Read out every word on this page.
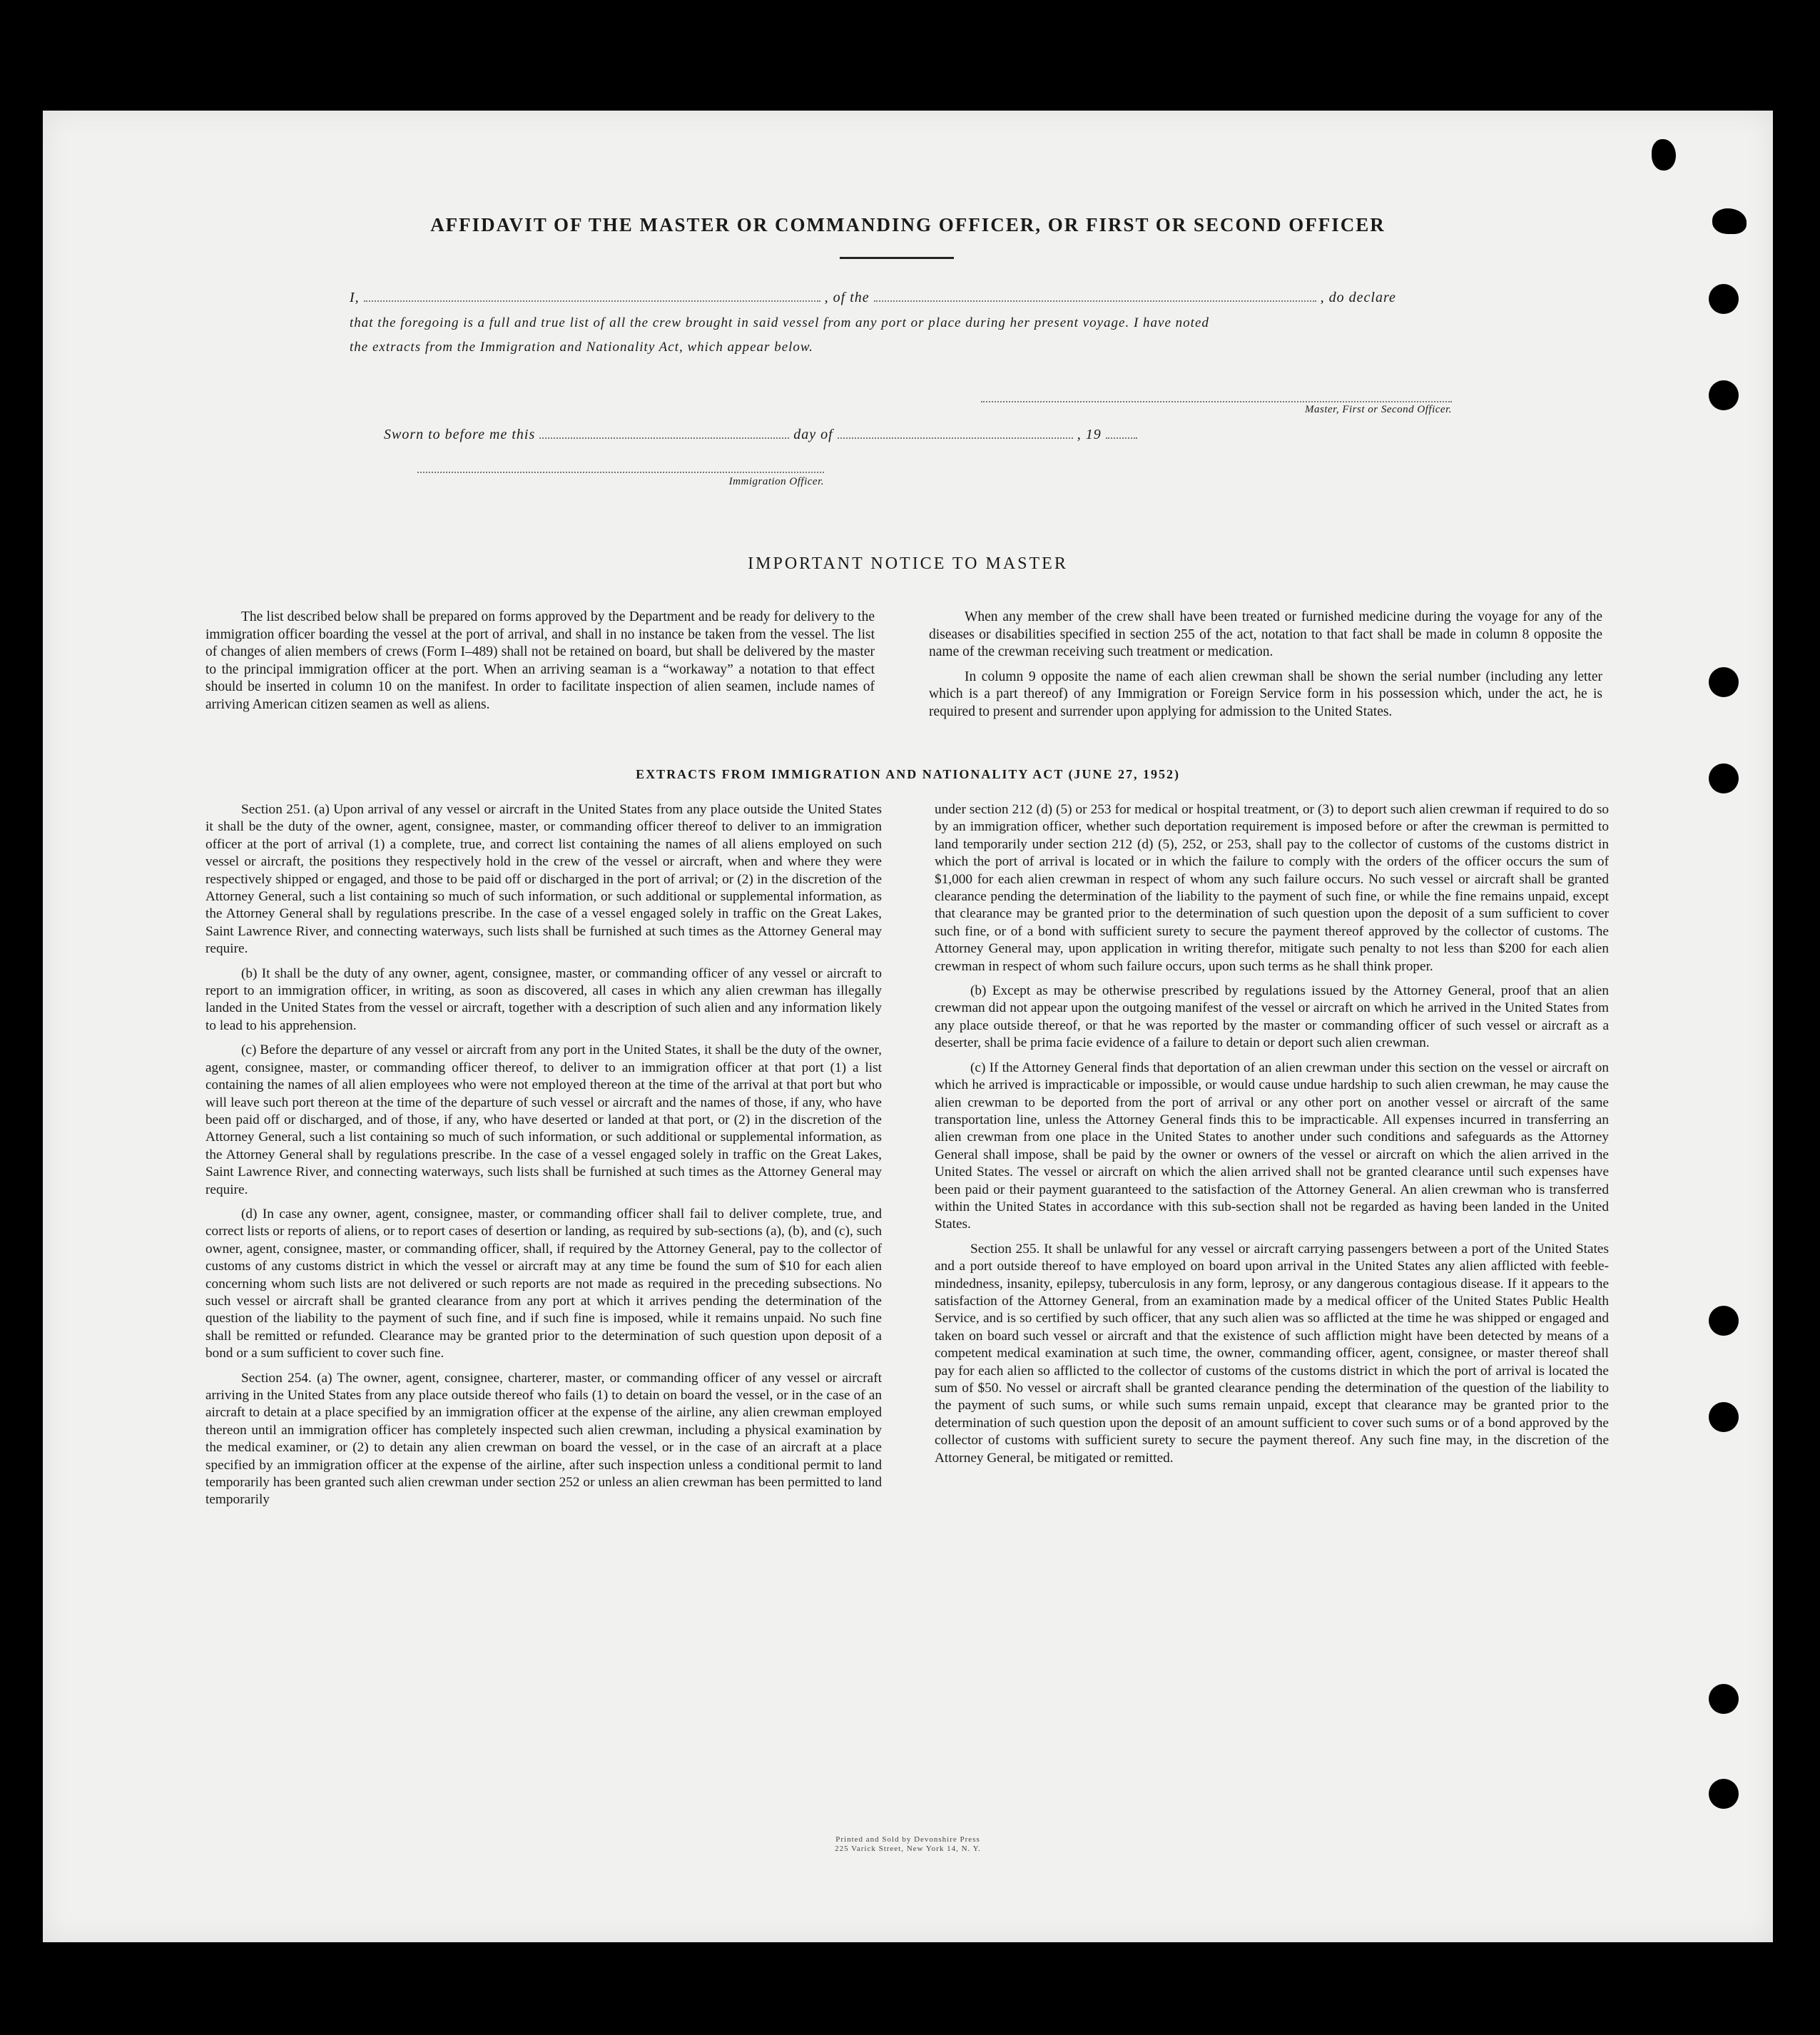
AFFIDAVIT OF THE MASTER OR COMMANDING OFFICER, OR FIRST OR SECOND OFFICER
I,	, of the	, do declare
that the foregoing is a full and true list of all the crew brought in said vessel from any port or place during her present voyage. I have noted
the extracts from the Immigration and Nationality Act, which appear below.
Master, First or Second Officer.
Sworn to before me this	day of	, 19
Immigration Officer.
IMPORTANT NOTICE TO MASTER

The list described below shall be prepared on forms approved by the Department and be ready for delivery to the immigration officer boarding the vessel at the port of arrival, and shall in no instance be taken from the vessel. The list of changes of alien members of crews (Form I–489) shall not be retained on board, but shall be delivered by the master to the principal immigration officer at the port. When an arriving seaman is a “workaway” a notation to that effect should be inserted in column 10 on the manifest. In order to facilitate inspection of alien seamen, include names of arriving American citizen seamen as well as aliens.

When any member of the crew shall have been treated or furnished medicine during the voyage for any of the diseases or disabilities specified in section 255 of the act, notation to that fact shall be made in column 8 opposite the name of the crewman receiving such treatment or medication.

In column 9 opposite the name of each alien crewman shall be shown the serial number (including any letter which is a part thereof) of any Immigration or Foreign Service form in his possession which, under the act, he is required to present and surrender upon applying for admission to the United States.

EXTRACTS FROM IMMIGRATION AND NATIONALITY ACT (JUNE 27, 1952)

Section 251. (a) Upon arrival of any vessel or aircraft in the United States from any place outside the United States it shall be the duty of the owner, agent, consignee, master, or commanding officer thereof to deliver to an immigration officer at the port of arrival (1) a complete, true, and correct list containing the names of all aliens employed on such vessel or aircraft, the positions they respectively hold in the crew of the vessel or aircraft, when and where they were respectively shipped or engaged, and those to be paid off or discharged in the port of arrival; or (2) in the discretion of the Attorney General, such a list containing so much of such information, or such additional or supplemental information, as the Attorney General shall by regulations prescribe. In the case of a vessel engaged solely in traffic on the Great Lakes, Saint Lawrence River, and connecting waterways, such lists shall be furnished at such times as the Attorney General may require.

(b) It shall be the duty of any owner, agent, consignee, master, or commanding officer of any vessel or aircraft to report to an immigration officer, in writing, as soon as discovered, all cases in which any alien crewman has illegally landed in the United States from the vessel or aircraft, together with a description of such alien and any information likely to lead to his apprehension.

(c) Before the departure of any vessel or aircraft from any port in the United States, it shall be the duty of the owner, agent, consignee, master, or commanding officer thereof, to deliver to an immigration officer at that port (1) a list containing the names of all alien employees who were not employed thereon at the time of the arrival at that port but who will leave such port thereon at the time of the departure of such vessel or aircraft and the names of those, if any, who have been paid off or discharged, and of those, if any, who have deserted or landed at that port, or (2) in the discretion of the Attorney General, such a list containing so much of such information, or such additional or supplemental information, as the Attorney General shall by regulations prescribe. In the case of a vessel engaged solely in traffic on the Great Lakes, Saint Lawrence River, and connecting waterways, such lists shall be furnished at such times as the Attorney General may require.

(d) In case any owner, agent, consignee, master, or commanding officer shall fail to deliver complete, true, and correct lists or reports of aliens, or to report cases of desertion or landing, as required by sub-sections (a), (b), and (c), such owner, agent, consignee, master, or commanding officer, shall, if required by the Attorney General, pay to the collector of customs of any customs district in which the vessel or aircraft may at any time be found the sum of $10 for each alien concerning whom such lists are not delivered or such reports are not made as required in the preceding subsections. No such vessel or aircraft shall be granted clearance from any port at which it arrives pending the determination of the question of the liability to the payment of such fine, and if such fine is imposed, while it remains unpaid. No such fine shall be remitted or refunded. Clearance may be granted prior to the determination of such question upon deposit of a bond or a sum sufficient to cover such fine.

Section 254. (a) The owner, agent, consignee, charterer, master, or commanding officer of any vessel or aircraft arriving in the United States from any place outside thereof who fails (1) to detain on board the vessel, or in the case of an aircraft to detain at a place specified by an immigration officer at the expense of the airline, any alien crewman employed thereon until an immigration officer has completely inspected such alien crewman, including a physical examination by the medical examiner, or (2) to detain any alien crewman on board the vessel, or in the case of an aircraft at a place specified by an immigration officer at the expense of the airline, after such inspection unless a conditional permit to land temporarily has been granted such alien crewman under section 252 or unless an alien crewman has been permitted to land temporarily

under section 212 (d) (5) or 253 for medical or hospital treatment, or (3) to deport such alien crewman if required to do so by an immigration officer, whether such deportation requirement is imposed before or after the crewman is permitted to land temporarily under section 212 (d) (5), 252, or 253, shall pay to the collector of customs of the customs district in which the port of arrival is located or in which the failure to comply with the orders of the officer occurs the sum of $1,000 for each alien crewman in respect of whom any such failure occurs. No such vessel or aircraft shall be granted clearance pending the determination of the liability to the payment of such fine, or while the fine remains unpaid, except that clearance may be granted prior to the determination of such question upon the deposit of a sum sufficient to cover such fine, or of a bond with sufficient surety to secure the payment thereof approved by the collector of customs. The Attorney General may, upon application in writing therefor, mitigate such penalty to not less than $200 for each alien crewman in respect of whom such failure occurs, upon such terms as he shall think proper.

(b) Except as may be otherwise prescribed by regulations issued by the Attorney General, proof that an alien crewman did not appear upon the outgoing manifest of the vessel or aircraft on which he arrived in the United States from any place outside thereof, or that he was reported by the master or commanding officer of such vessel or aircraft as a deserter, shall be prima facie evidence of a failure to detain or deport such alien crewman.

(c) If the Attorney General finds that deportation of an alien crewman under this section on the vessel or aircraft on which he arrived is impracticable or impossible, or would cause undue hardship to such alien crewman, he may cause the alien crewman to be deported from the port of arrival or any other port on another vessel or aircraft of the same transportation line, unless the Attorney General finds this to be impracticable. All expenses incurred in transferring an alien crewman from one place in the United States to another under such conditions and safeguards as the Attorney General shall impose, shall be paid by the owner or owners of the vessel or aircraft on which the alien arrived in the United States. The vessel or aircraft on which the alien arrived shall not be granted clearance until such expenses have been paid or their payment guaranteed to the satisfaction of the Attorney General. An alien crewman who is transferred within the United States in accordance with this sub-section shall not be regarded as having been landed in the United States.

Section 255. It shall be unlawful for any vessel or aircraft carrying passengers between a port of the United States and a port outside thereof to have employed on board upon arrival in the United States any alien afflicted with feeble-mindedness, insanity, epilepsy, tuberculosis in any form, leprosy, or any dangerous contagious disease. If it appears to the satisfaction of the Attorney General, from an examination made by a medical officer of the United States Public Health Service, and is so certified by such officer, that any such alien was so afflicted at the time he was shipped or engaged and taken on board such vessel or aircraft and that the existence of such affliction might have been detected by means of a competent medical examination at such time, the owner, commanding officer, agent, consignee, or master thereof shall pay for each alien so afflicted to the collector of customs of the customs district in which the port of arrival is located the sum of $50. No vessel or aircraft shall be granted clearance pending the determination of the question of the liability to the payment of such sums, or while such sums remain unpaid, except that clearance may be granted prior to the determination of such question upon the deposit of an amount sufficient to cover such sums or of a bond approved by the collector of customs with sufficient surety to secure the payment thereof. Any such fine may, in the discretion of the Attorney General, be mitigated or remitted.

Printed and Sold by Devonshire Press
225 Varick Street, New York 14, N. Y.
